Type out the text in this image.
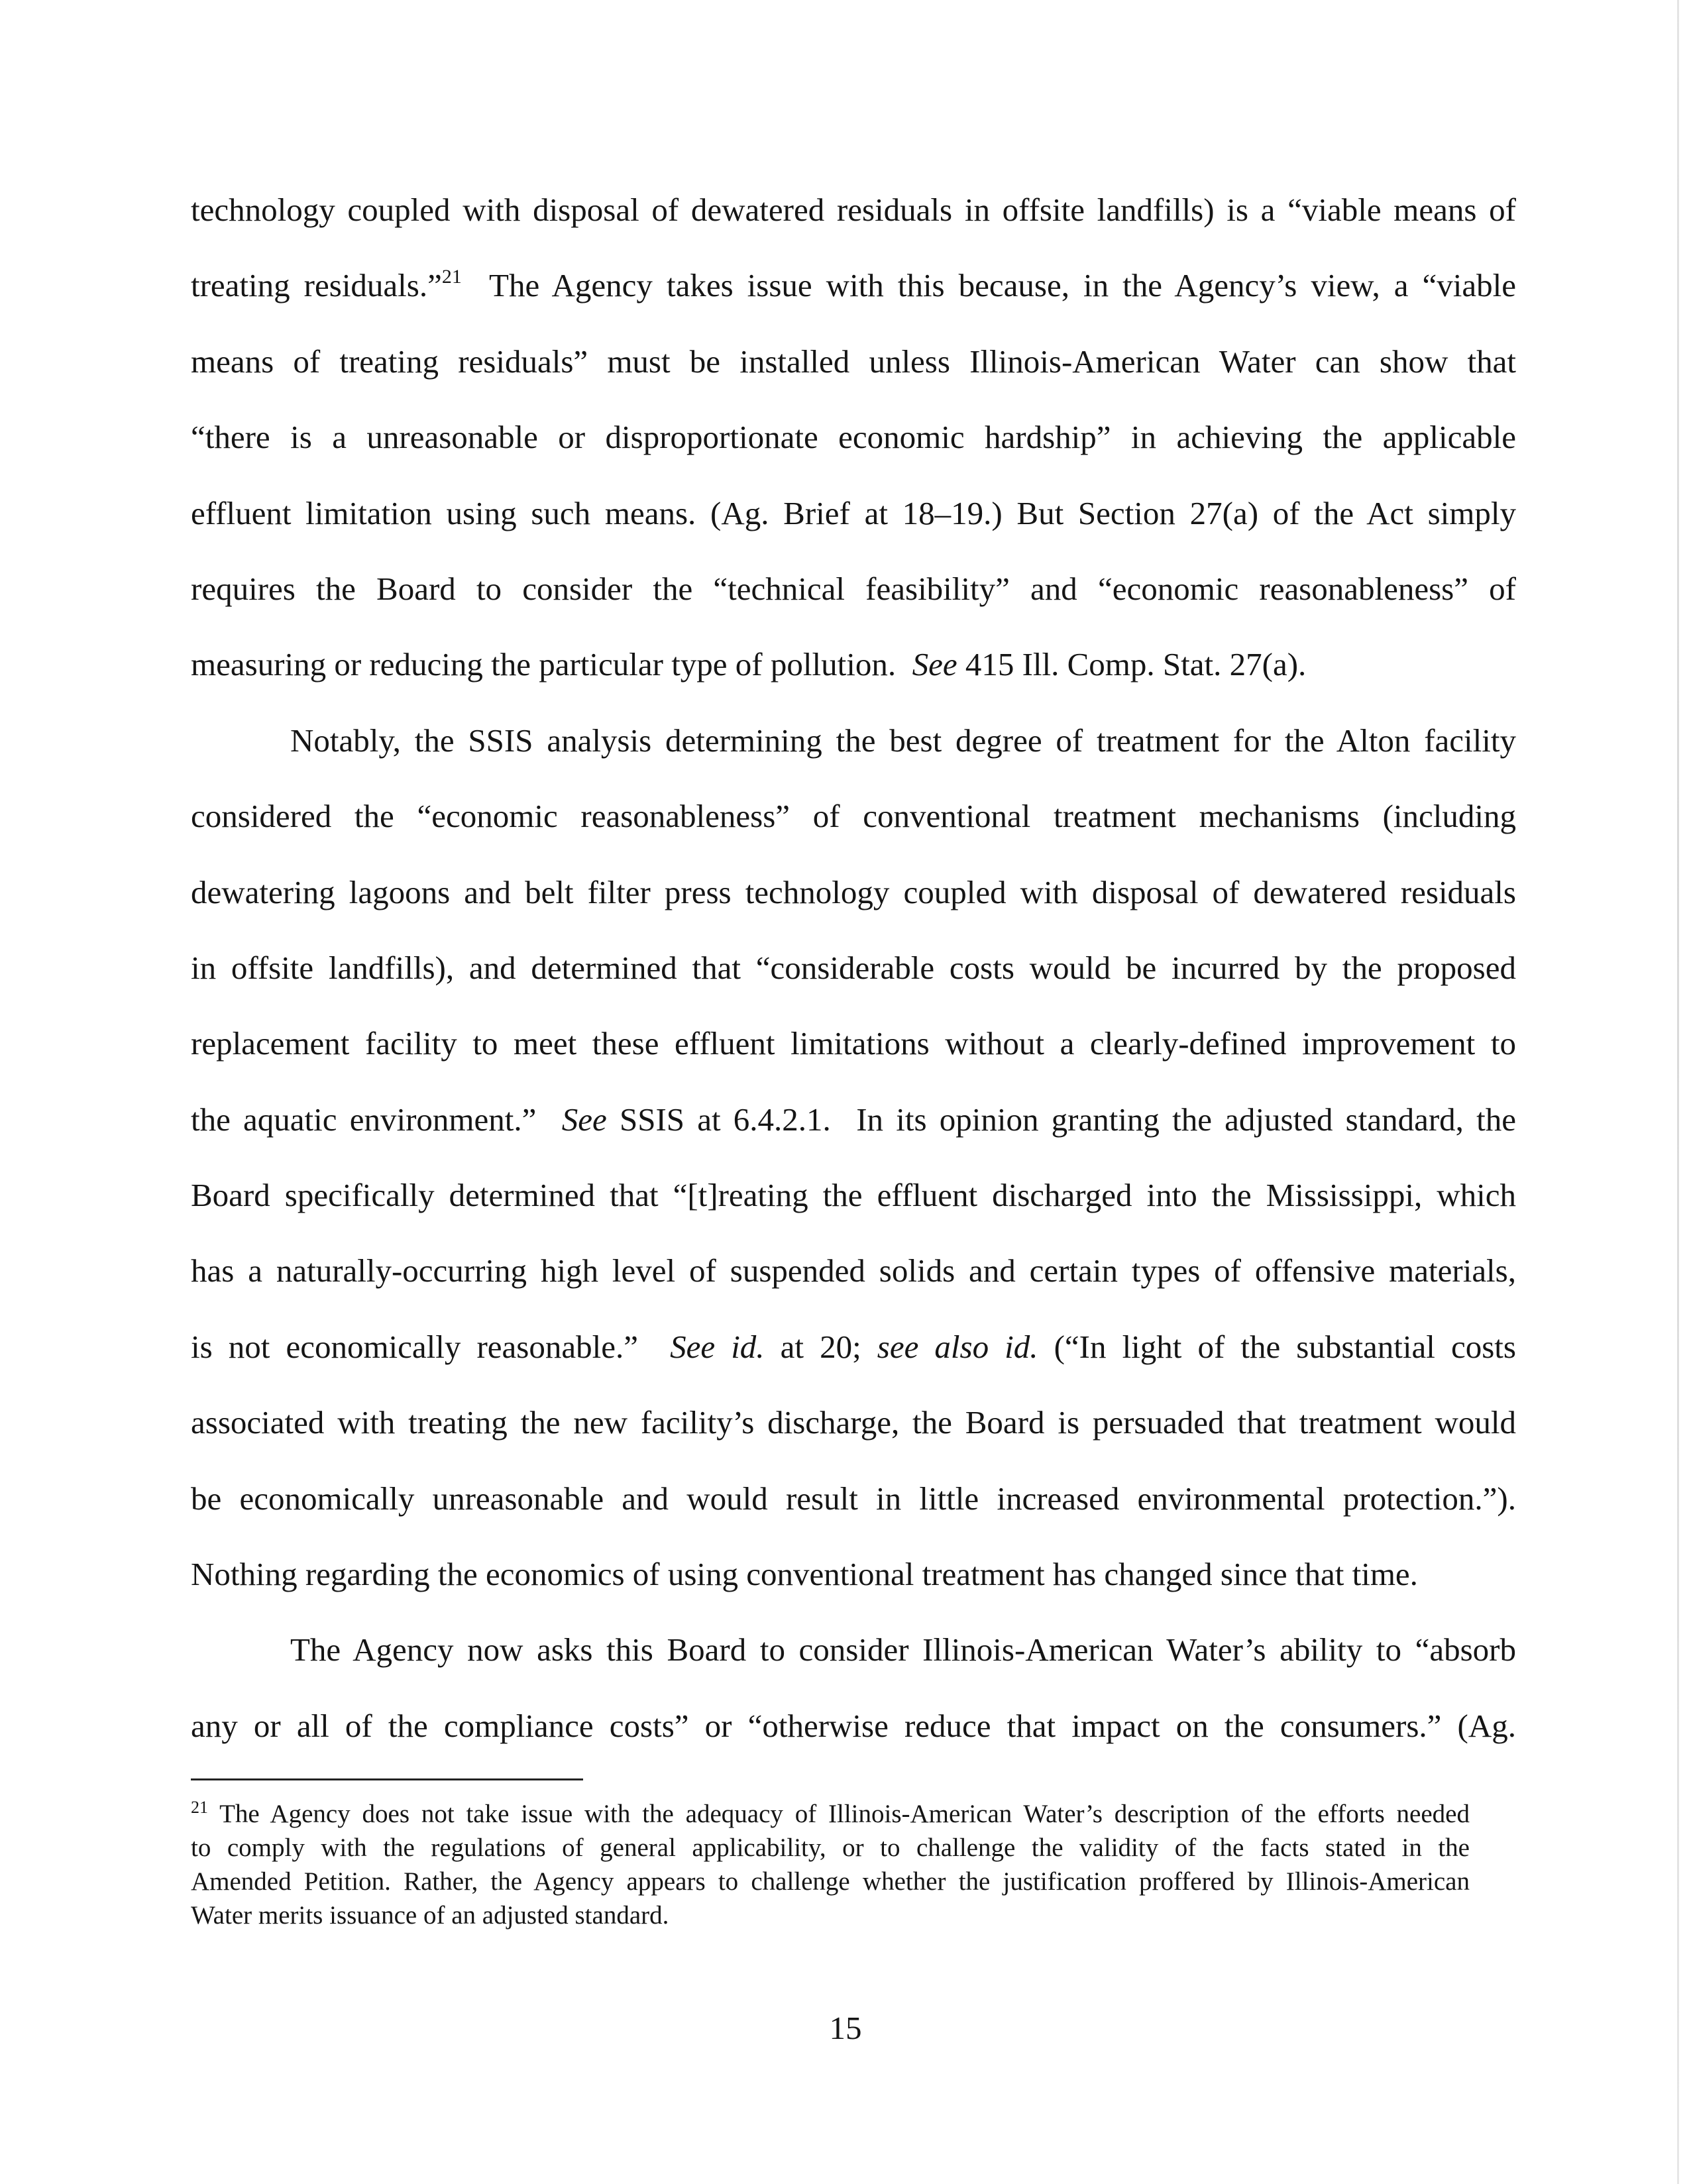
technology coupled with disposal of dewatered residuals in offsite landfills) is a “viable means of
treating residuals.”$^{21}$  The Agency takes issue with this because, in the Agency’s view, a “viable
means of treating residuals” must be installed unless Illinois-American Water can show that
“there is a unreasonable or disproportionate economic hardship” in achieving the applicable
effluent limitation using such means. (Ag. Brief at 18–19.) But Section 27(a) of the Act simply
requires the Board to consider the “technical feasibility” and “economic reasonableness” of
measuring or reducing the particular type of pollution.  See 415 Ill. Comp. Stat. 27(a).
Notably, the SSIS analysis determining the best degree of treatment for the Alton facility
considered the “economic reasonableness” of conventional treatment mechanisms (including
dewatering lagoons and belt filter press technology coupled with disposal of dewatered residuals
in offsite landfills), and determined that “considerable costs would be incurred by the proposed
replacement facility to meet these effluent limitations without a clearly-defined improvement to
the aquatic environment.”  See SSIS at 6.4.2.1.  In its opinion granting the adjusted standard, the
Board specifically determined that “[t]reating the effluent discharged into the Mississippi, which
has a naturally-occurring high level of suspended solids and certain types of offensive materials,
is not economically reasonable.”  See id. at 20; see also id. (“In light of the substantial costs
associated with treating the new facility’s discharge, the Board is persuaded that treatment would
be economically unreasonable and would result in little increased environmental protection.”).
Nothing regarding the economics of using conventional treatment has changed since that time.
The Agency now asks this Board to consider Illinois-American Water’s ability to “absorb
any or all of the compliance costs” or “otherwise reduce that impact on the consumers.” (Ag.
$^{21}$ The Agency does not take issue with the adequacy of Illinois-American Water’s description of the efforts needed
to comply with the regulations of general applicability, or to challenge the validity of the facts stated in the
Amended Petition. Rather, the Agency appears to challenge whether the justification proffered by Illinois-American
Water merits issuance of an adjusted standard.
15
